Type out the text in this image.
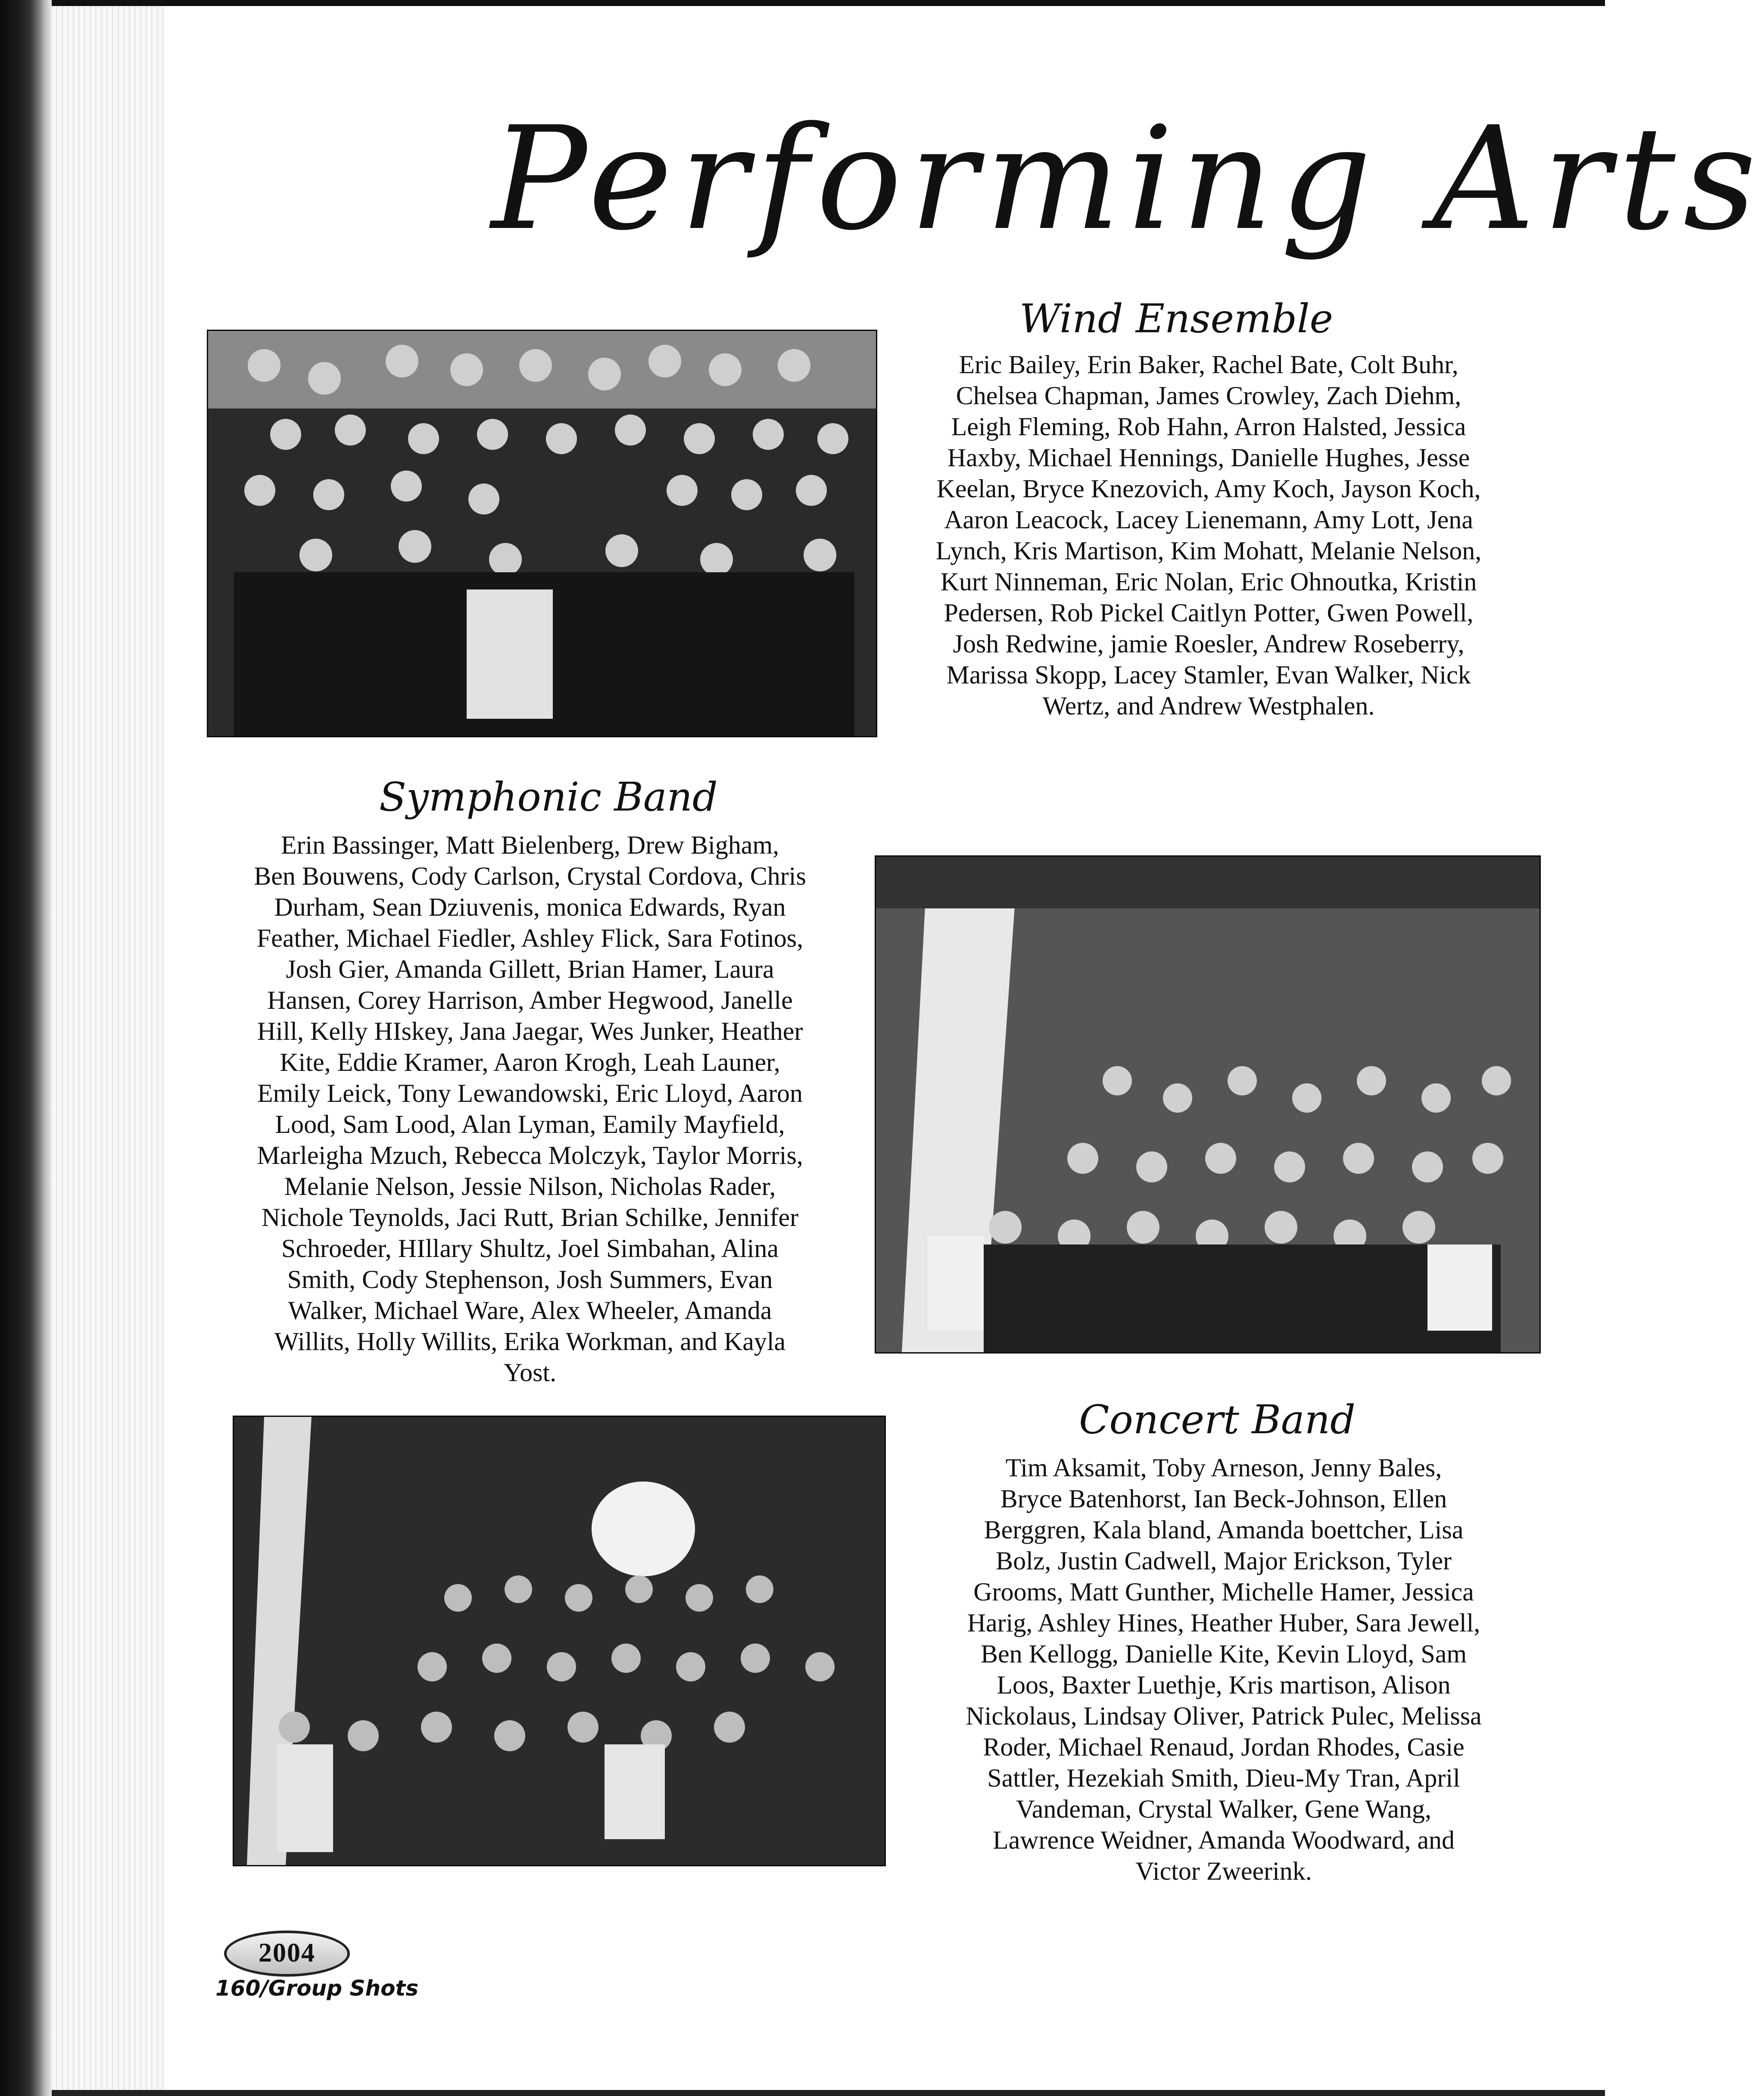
Performing Arts
Wind Ensemble
Eric Bailey, Erin Baker, Rachel Bate, Colt Buhr,
Chelsea Chapman, James Crowley, Zach Diehm,
Leigh Fleming, Rob Hahn, Arron Halsted, Jessica
Haxby, Michael Hennings, Danielle Hughes, Jesse
Keelan, Bryce Knezovich, Amy Koch, Jayson Koch,
Aaron Leacock, Lacey Lienemann, Amy Lott, Jena
Lynch, Kris Martison, Kim Mohatt, Melanie Nelson,
Kurt Ninneman, Eric Nolan, Eric Ohnoutka, Kristin
Pedersen, Rob Pickel Caitlyn Potter, Gwen Powell,
Josh Redwine, jamie Roesler, Andrew Roseberry,
Marissa Skopp, Lacey Stamler, Evan Walker, Nick
Wertz, and Andrew Westphalen.
Symphonic Band
Erin Bassinger, Matt Bielenberg, Drew Bigham,
Ben Bouwens, Cody Carlson, Crystal Cordova, Chris
Durham, Sean Dziuvenis, monica Edwards, Ryan
Feather, Michael Fiedler, Ashley Flick, Sara Fotinos,
Josh Gier, Amanda Gillett, Brian Hamer, Laura
Hansen, Corey Harrison, Amber Hegwood, Janelle
Hill, Kelly HIskey, Jana Jaegar, Wes Junker, Heather
Kite, Eddie Kramer, Aaron Krogh, Leah Launer,
Emily Leick, Tony Lewandowski, Eric Lloyd, Aaron
Lood, Sam Lood, Alan Lyman, Eamily Mayfield,
Marleigha Mzuch, Rebecca Molczyk, Taylor Morris,
Melanie Nelson, Jessie Nilson, Nicholas Rader,
Nichole Teynolds, Jaci Rutt, Brian Schilke, Jennifer
Schroeder, HIllary Shultz, Joel Simbahan, Alina
Smith, Cody Stephenson, Josh Summers, Evan
Walker, Michael Ware, Alex Wheeler, Amanda
Willits, Holly Willits, Erika Workman, and Kayla
Yost.
Concert Band
Tim Aksamit, Toby Arneson, Jenny Bales,
Bryce Batenhorst, Ian Beck-Johnson, Ellen
Berggren, Kala bland, Amanda boettcher, Lisa
Bolz, Justin Cadwell, Major Erickson, Tyler
Grooms, Matt Gunther, Michelle Hamer, Jessica
Harig, Ashley Hines, Heather Huber, Sara Jewell,
Ben Kellogg, Danielle Kite, Kevin Lloyd, Sam
Loos, Baxter Luethje, Kris martison, Alison
Nickolaus, Lindsay Oliver, Patrick Pulec, Melissa
Roder, Michael Renaud, Jordan Rhodes, Casie
Sattler, Hezekiah Smith, Dieu-My Tran, April
Vandeman, Crystal Walker, Gene Wang,
Lawrence Weidner, Amanda Woodward, and
Victor Zweerink.
2004
160/Group Shots
